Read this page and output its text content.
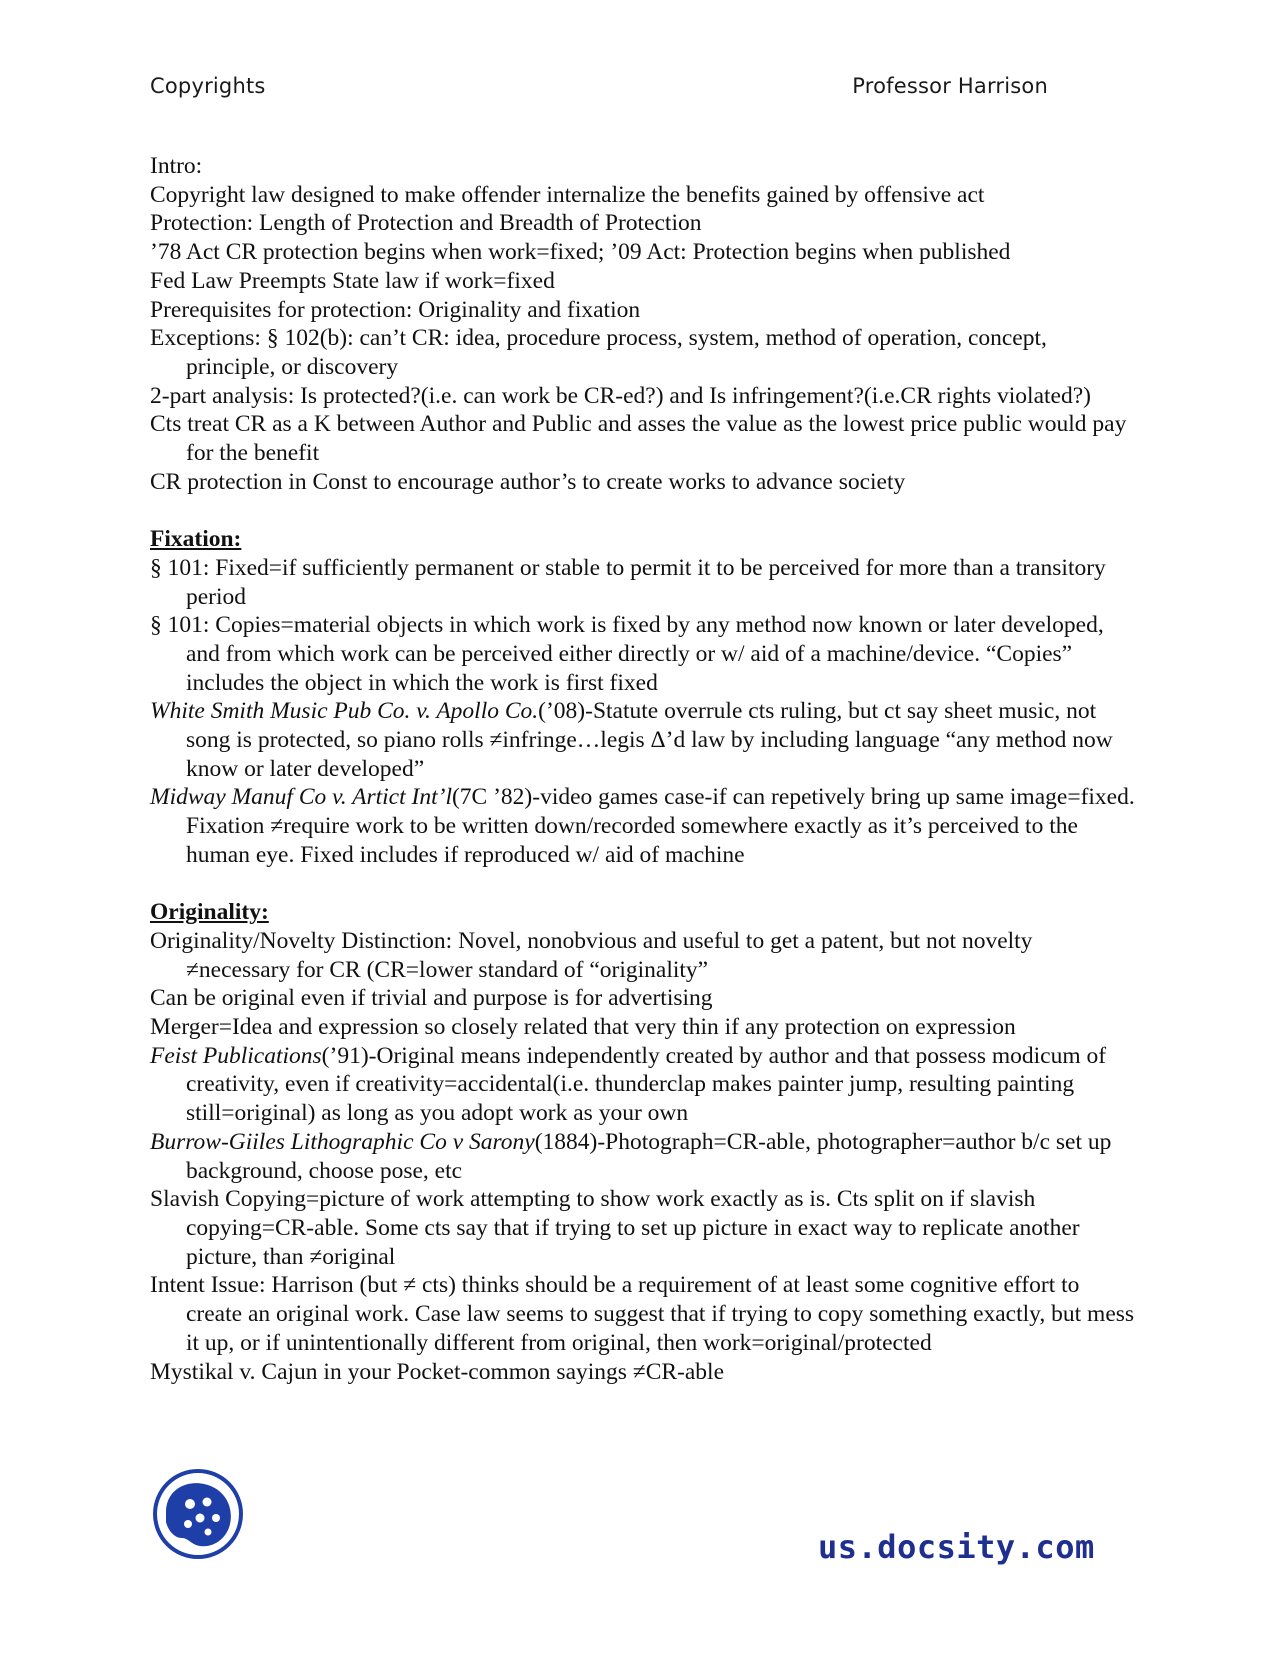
Copyrights	Professor Harrison

Intro:

Copyright law designed to make offender internalize the benefits gained by offensive act

Protection: Length of Protection and Breadth of Protection

’78 Act CR protection begins when work=fixed; ’09 Act: Protection begins when published

Fed Law Preempts State law if work=fixed

Prerequisites for protection: Originality and fixation

Exceptions: § 102(b): can’t CR: idea, procedure process, system, method of operation, concept, principle, or discovery

2-part analysis: Is protected?(i.e. can work be CR-ed?) and Is infringement?(i.e.CR rights violated?)

Cts treat CR as a K between Author and Public and asses the value as the lowest price public would pay for the benefit

CR protection in Const to encourage author’s to create works to advance society

Fixation:

§ 101: Fixed=if sufficiently permanent or stable to permit it to be perceived for more than a transitory period

§ 101: Copies=material objects in which work is fixed by any method now known or later developed, and from which work can be perceived either directly or w/ aid of a machine/device. “Copies” includes the object in which the work is first fixed

White Smith Music Pub Co. v. Apollo Co.(’08)-Statute overrule cts ruling, but ct say sheet music, not song is protected, so piano rolls ≠infringe…legis Δ’d law by including language “any method now know or later developed”

Midway Manuf Co v. Artict Int’l(7C ’82)-video games case-if can repetively bring up same image=fixed. Fixation ≠require work to be written down/recorded somewhere exactly as it’s perceived to the human eye. Fixed includes if reproduced w/ aid of machine

Originality:

Originality/Novelty Distinction: Novel, nonobvious and useful to get a patent, but not novelty ≠necessary for CR (CR=lower standard of “originality”

Can be original even if trivial and purpose is for advertising

Merger=Idea and expression so closely related that very thin if any protection on expression

Feist Publications(’91)-Original means independently created by author and that possess modicum of creativity, even if creativity=accidental(i.e. thunderclap makes painter jump, resulting painting still=original) as long as you adopt work as your own

Burrow-Giiles Lithographic Co v Sarony(1884)-Photograph=CR-able, photographer=author b/c set up background, choose pose, etc

Slavish Copying=picture of work attempting to show work exactly as is. Cts split on if slavish copying=CR-able. Some cts say that if trying to set up picture in exact way to replicate another picture, than ≠original

Intent Issue: Harrison (but ≠ cts) thinks should be a requirement of at least some cognitive effort to create an original work. Case law seems to suggest that if trying to copy something exactly, but mess it up, or if unintentionally different from original, then work=original/protected

Mystikal v. Cajun in your Pocket-common sayings ≠CR-able

us.docsity.com
